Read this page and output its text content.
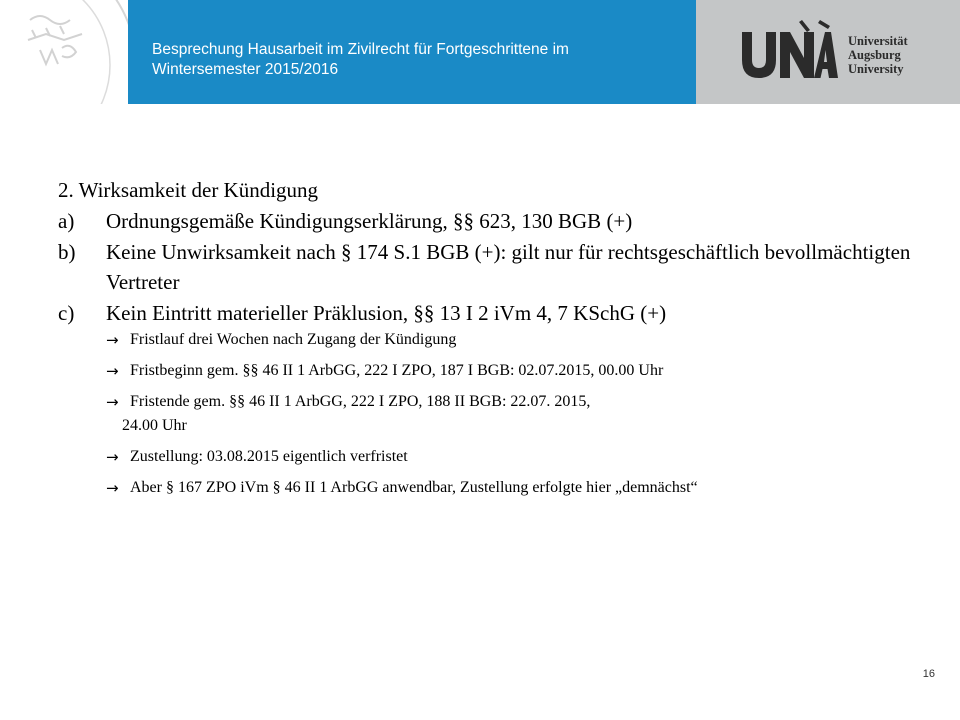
Besprechung Hausarbeit im Zivilrecht für Fortgeschrittene im
Wintersemester 2015/2016
Universität
Augsburg
University
2. Wirksamkeit der Kündigung
a)	Ordnungsgemäße Kündigungserklärung, §§ 623, 130 BGB (+)
b)	Keine Unwirksamkeit nach § 174 S.1 BGB (+): gilt nur für rechtsgeschäftlich bevollmächtigten Vertreter
c)	Kein Eintritt materieller Präklusion, §§ 13 I 2 iVm 4, 7 KSchG (+)
→ Fristlauf drei Wochen nach Zugang der Kündigung
→ Fristbeginn gem. §§ 46 II 1 ArbGG, 222 I ZPO, 187 I BGB: 02.07.2015, 00.00 Uhr
→ Fristende gem. §§ 46 II 1 ArbGG, 222 I ZPO, 188 II BGB: 22.07. 2015,
24.00 Uhr
→ Zustellung: 03.08.2015 eigentlich verfristet
→ Aber § 167 ZPO iVm § 46 II 1 ArbGG anwendbar, Zustellung erfolgte hier „demnächst“
16
